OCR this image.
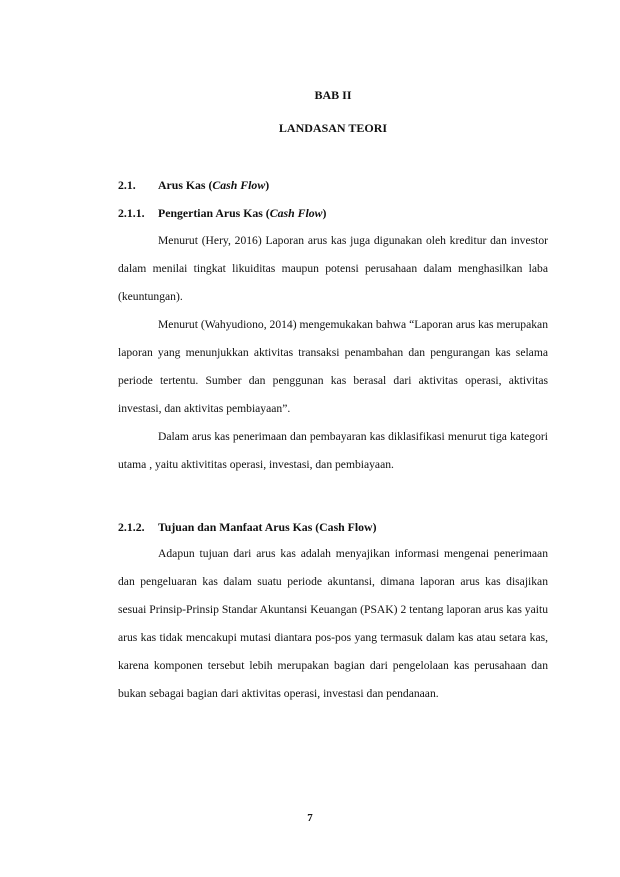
BAB II
LANDASAN TEORI
2.1. Arus Kas (Cash Flow)
2.1.1. Pengertian Arus Kas (Cash Flow)

Menurut (Hery, 2016) Laporan arus kas juga digunakan oleh kreditur dan investor dalam menilai tingkat likuiditas maupun potensi perusahaan dalam menghasilkan laba (keuntungan).

Menurut (Wahyudiono, 2014) mengemukakan bahwa “Laporan arus kas merupakan laporan yang menunjukkan aktivitas transaksi penambahan dan pengurangan kas selama periode tertentu. Sumber dan penggunan kas berasal dari aktivitas operasi, aktivitas investasi, dan aktivitas pembiayaan”.

Dalam arus kas penerimaan dan pembayaran kas diklasifikasi menurut tiga kategori utama , yaitu aktivititas operasi, investasi, dan pembiayaan.

2.1.2. Tujuan dan Manfaat Arus Kas (Cash Flow)

Adapun tujuan dari arus kas adalah menyajikan informasi mengenai penerimaan dan pengeluaran kas dalam suatu periode akuntansi, dimana laporan arus kas disajikan sesuai Prinsip-Prinsip Standar Akuntansi Keuangan (PSAK) 2 tentang laporan arus kas yaitu arus kas tidak mencakupi mutasi diantara pos-pos yang termasuk dalam kas atau setara kas, karena komponen tersebut lebih merupakan bagian dari pengelolaan kas perusahaan dan bukan sebagai bagian dari aktivitas operasi, investasi dan pendanaan.

7
